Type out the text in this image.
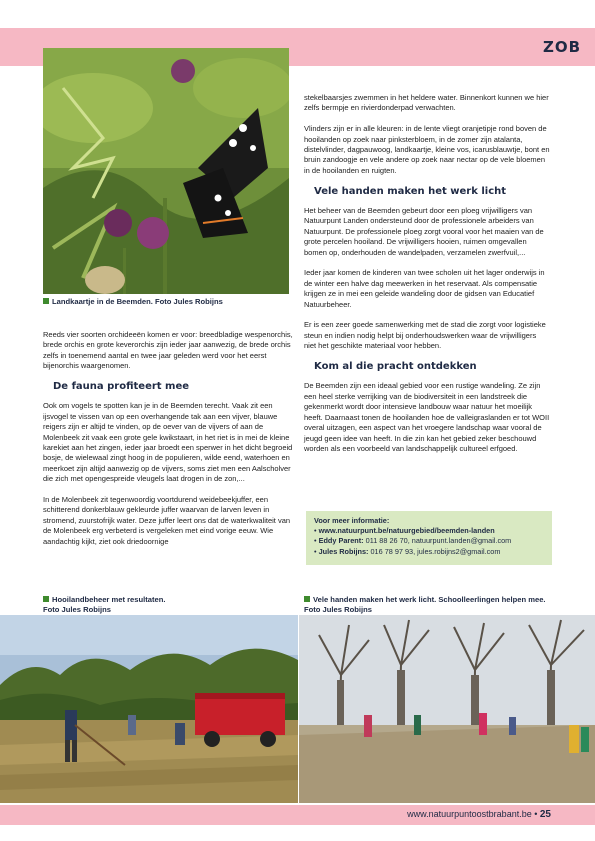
ZOB
Landkaartje in de Beemden. Foto Jules Robijns

Reeds vier soorten orchideeën komen er voor: breedbladige wespenorchis, brede orchis en grote keverorchis zijn ieder jaar aanwezig, de brede orchis zelfs in toenemend aantal en twee jaar geleden werd voor het eerst bijenorchis waargenomen.

De fauna profiteert mee

Ook om vogels te spotten kan je in de Beemden terecht. Vaak zit een ijsvogel te vissen van op een overhangende tak aan een vijver, blauwe reigers zijn er altijd te vinden, op de oever van de vijvers of aan de Molenbeek zit vaak een grote gele kwikstaart, in het riet is in mei de kleine karekiet aan het zingen, ieder jaar broedt een sperwer in het dicht begroeid bosje, de wielewaal zingt hoog in de populieren, wilde eend, waterhoen en meerkoet zijn altijd aanwezig op de vijvers, soms ziet men een Aalscholver die zich met opengespreide vleugels laat drogen in de zon,...

In de Molenbeek zit tegenwoordig voortdurend weidebeekjuffer, een schitterend donkerblauw gekleurde juffer waarvan de larven leven in stromend, zuurstofrijk water. Deze juffer leert ons dat de waterkwaliteit van de Molenbeek erg verbeterd is vergeleken met eind vorige eeuw. Wie aandachtig kijkt, ziet ook driedoornige

stekelbaarsjes zwemmen in het heldere water. Binnenkort kunnen we hier zelfs bermpje en rivierdonderpad verwachten.

Vlinders zijn er in alle kleuren: in de lente vliegt oranjetipje rond boven de hooilanden op zoek naar pinksterbloem, in de zomer zijn atalanta, distelvlinder, dagpauwoog, landkaartje, kleine vos, icarusblauwtje, bont en bruin zandoogje en vele andere op zoek naar nectar op de vele bloemen in de hooilanden en ruigten.

Vele handen maken het werk licht

Het beheer van de Beemden gebeurt door een ploeg vrijwilligers van Natuurpunt Landen ondersteund door de professionele arbeiders van Natuurpunt. De professionele ploeg zorgt vooral voor het maaien van de grote percelen hooiland. De vrijwilligers hooien, ruimen omgevallen bomen op, onderhouden de wandelpaden, verzamelen zwerfvuil,...

Ieder jaar komen de kinderen van twee scholen uit het lager onderwijs in de winter een halve dag meewerken in het reservaat. Als compensatie krijgen ze in mei een geleide wandeling door de gidsen van Educatief Natuurbeheer.

Er is een zeer goede samenwerking met de stad die zorgt voor logistieke steun en indien nodig helpt bij onderhoudswerken waar de vrijwilligers niet het geschikte materiaal voor hebben.

Kom al die pracht ontdekken

De Beemden zijn een ideaal gebied voor een rustige wandeling. Ze zijn een heel sterke verrijking van de biodiversiteit in een landstreek die gekenmerkt wordt door intensieve landbouw waar natuur het moeilijk heeft. Daarnaast tonen de hooilanden hoe de valleigraslanden er tot WOII overal uitzagen, een aspect van het vroegere landschap waar vooral de jeugd geen idee van heeft. In die zin kan het gebied zeker beschouwd worden als een voorbeeld van landschappelijk cultureel erfgoed.

Voor meer informatie:
• www.natuurpunt.be/natuurgebied/beemden-landen
• Eddy Parent: 011 88 26 70, natuurpunt.landen@gmail.com
• Jules Robijns: 016 78 97 93, jules.robijns2@gmail.com
Hooilandbeheer met resultaten.
Foto Jules Robijns
Vele handen maken het werk licht. Schoolleerlingen helpen mee.
Foto Jules Robijns
www.natuurpuntoostbrabant.be • 25
